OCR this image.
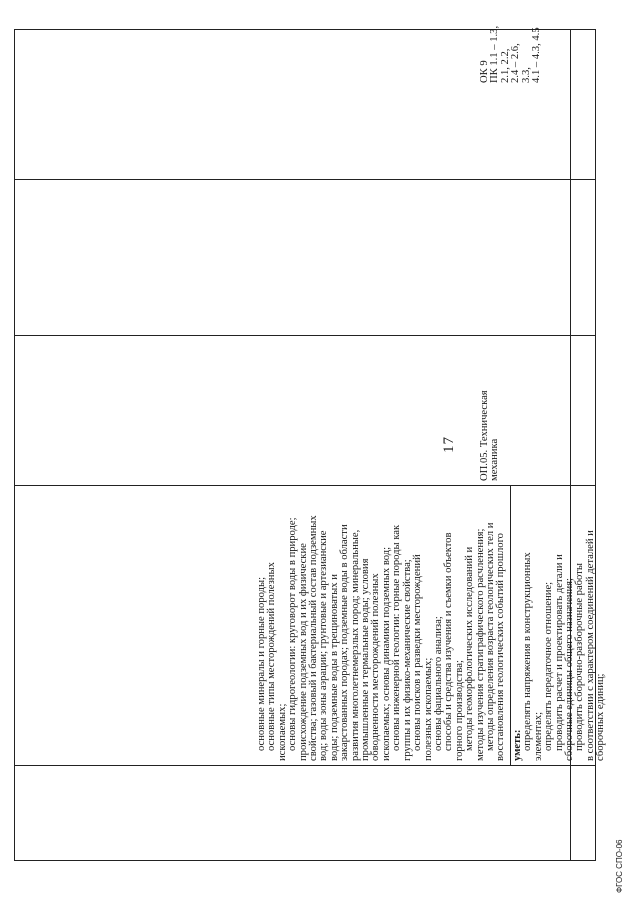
17
ФГОС СПО-06
основные минералы и горные породы; основные типы месторождений полезных ископаемых; основы гидрогеологии: круговорот воды в природе; происхождение подземных вод и их физические свойства; газовый и бактериальный состав подземных вод; воды зоны аэрации; грунтовые и артезианские воды; подземные воды в трещиноватых и закарстованных породах; подземные воды в области развития многолетнемерзлых пород; минеральные, промышленные и термальные воды; условия обводненности месторождений полезных ископаемых; основы динамики подземных вод; основы инженерной геологии: горные породы как группы и их физико-механические свойства; основы поисков и разведки месторождений полезных ископаемых; основы фациального анализа; способы и средства изучения и съемки объектов горного производства; методы геоморфологических исследований и методы изучения стратиграфического расчленения; методы определения возраста геологических тел и восстановления геологических событий прошлого уметь: определять напряжения в конструкционных элементах; определять передаточное отношение; проводить расчет и проектировать детали и сборочные единицы общего назначения; проводить сборочно-разборочные работы в соответствии с характером соединений деталей и сборочных единиц;
ОП.05. Техническая механика
ОК 9 ПК 1.1 – 1.3, 2.1, 2.2, 2.4 – 2.6, 3.3, 4.1 – 4.3, 4.5
